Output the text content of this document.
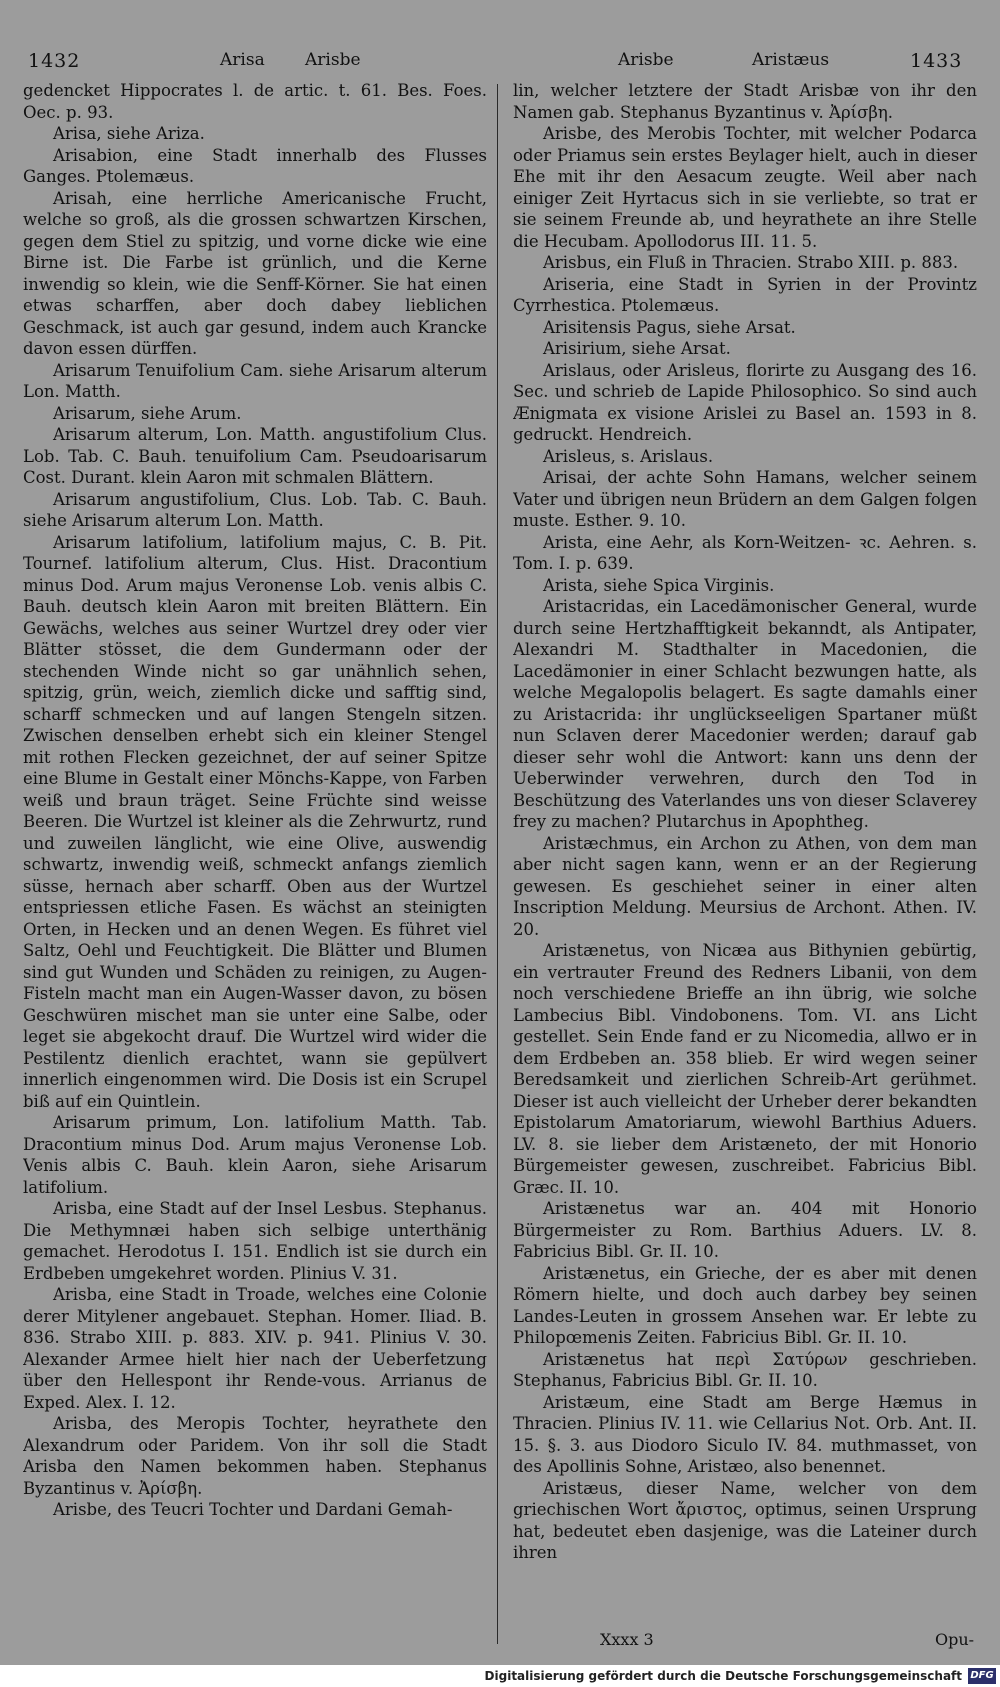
1432	Arisa Arisbe	Arisbe	Aristæus	1433

gedencket Hippocrates l. de artic. t. 61. Bes. Foes. Oec. p. 93.

Arisa, siehe Ariza.

Arisabion, eine Stadt innerhalb des Flusses Ganges. Ptolemæus.

Arisah, eine herrliche Americanische Frucht, welche so groß, als die grossen schwartzen Kirschen, gegen dem Stiel zu spitzig, und vorne dicke wie eine Birne ist. Die Farbe ist grünlich, und die Kerne inwendig so klein, wie die Senff-Körner. Sie hat einen etwas scharffen, aber doch dabey lieblichen Geschmack, ist auch gar gesund, indem auch Krancke davon essen dürffen.

Arisarum Tenuifolium Cam. siehe Arisarum alterum Lon. Matth.

Arisarum, siehe Arum.

Arisarum alterum, Lon. Matth. angustifolium Clus. Lob. Tab. C. Bauh. tenuifolium Cam. Pseudoarisarum Cost. Durant. klein Aaron mit schmalen Blättern.

Arisarum angustifolium, Clus. Lob. Tab. C. Bauh. siehe Arisarum alterum Lon. Matth.

Arisarum latifolium, latifolium majus, C. B. Pit. Tournef. latifolium alterum, Clus. Hist. Dracontium minus Dod. Arum majus Veronense Lob. venis albis C. Bauh. deutsch klein Aaron mit breiten Blättern. Ein Gewächs, welches aus seiner Wurtzel drey oder vier Blätter stösset, die dem Gundermann oder der stechenden Winde nicht so gar unähnlich sehen, spitzig, grün, weich, ziemlich dicke und safftig sind, scharff schmecken und auf langen Stengeln sitzen. Zwischen denselben erhebt sich ein kleiner Stengel mit rothen Flecken gezeichnet, der auf seiner Spitze eine Blume in Gestalt einer Mönchs-Kappe, von Farben weiß und braun träget. Seine Früchte sind weisse Beeren. Die Wurtzel ist kleiner als die Zehrwurtz, rund und zuweilen länglicht, wie eine Olive, auswendig schwartz, inwendig weiß, schmeckt anfangs ziemlich süsse, hernach aber scharff. Oben aus der Wurtzel entspriessen etliche Fasen. Es wächst an steinigten Orten, in Hecken und an denen Wegen. Es führet viel Saltz, Oehl und Feuchtigkeit. Die Blätter und Blumen sind gut Wunden und Schäden zu reinigen, zu Augen-Fisteln macht man ein Augen-Wasser davon, zu bösen Geschwüren mischet man sie unter eine Salbe, oder leget sie abgekocht drauf. Die Wurtzel wird wider die Pestilentz dienlich erachtet, wann sie gepülvert innerlich eingenommen wird. Die Dosis ist ein Scrupel biß auf ein Quintlein.

Arisarum primum, Lon. latifolium Matth. Tab. Dracontium minus Dod. Arum majus Veronense Lob. Venis albis C. Bauh. klein Aaron, siehe Arisarum latifolium.

Arisba, eine Stadt auf der Insel Lesbus. Stephanus. Die Methymnæi haben sich selbige unterthänig gemachet. Herodotus I. 151. Endlich ist sie durch ein Erdbeben umgekehret worden. Plinius V. 31.

Arisba, eine Stadt in Troade, welches eine Colonie derer Mitylener angebauet. Stephan. Homer. Iliad. B. 836. Strabo XIII. p. 883. XIV. p. 941. Plinius V. 30. Alexander Armee hielt hier nach der Ueberfetzung über den Hellespont ihr Rende-vous. Arrianus de Exped. Alex. I. 12.

Arisba, des Meropis Tochter, heyrathete den Alexandrum oder Paridem. Von ihr soll die Stadt Arisba den Namen bekommen haben. Stephanus Byzantinus v. Ἀρίσβη.

Arisbe, des Teucri Tochter und Dardani Gemah-

lin, welcher letztere der Stadt Arisbæ von ihr den Namen gab. Stephanus Byzantinus v. Ἀρίσβη.

Arisbe, des Merobis Tochter, mit welcher Podarca oder Priamus sein erstes Beylager hielt, auch in dieser Ehe mit ihr den Aesacum zeugte. Weil aber nach einiger Zeit Hyrtacus sich in sie verliebte, so trat er sie seinem Freunde ab, und heyrathete an ihre Stelle die Hecubam. Apollodorus III. 11. 5.

Arisbus, ein Fluß in Thracien. Strabo XIII. p. 883.

Ariseria, eine Stadt in Syrien in der Provintz Cyrrhestica. Ptolemæus.

Arisitensis Pagus, siehe Arsat.

Arisirium, siehe Arsat.

Arislaus, oder Arisleus, florirte zu Ausgang des 16. Sec. und schrieb de Lapide Philosophico. So sind auch Ænigmata ex visione Arislei zu Basel an. 1593 in 8. gedruckt. Hendreich.

Arisleus, s. Arislaus.

Arisai, der achte Sohn Hamans, welcher seinem Vater und übrigen neun Brüdern an dem Galgen folgen muste. Esther. 9. 10.

Arista, eine Aehr, als Korn-Weitzen- ꝛc. Aehren. s. Tom. I. p. 639.

Arista, siehe Spica Virginis.

Aristacridas, ein Lacedämonischer General, wurde durch seine Hertzhafftigkeit bekanndt, als Antipater, Alexandri M. Stadthalter in Macedonien, die Lacedämonier in einer Schlacht bezwungen hatte, als welche Megalopolis belagert. Es sagte damahls einer zu Aristacrida: ihr unglückseeligen Spartaner müßt nun Sclaven derer Macedonier werden; darauf gab dieser sehr wohl die Antwort: kann uns denn der Ueberwinder verwehren, durch den Tod in Beschützung des Vaterlandes uns von dieser Sclaverey frey zu machen? Plutarchus in Apophtheg.

Aristæchmus, ein Archon zu Athen, von dem man aber nicht sagen kann, wenn er an der Regierung gewesen. Es geschiehet seiner in einer alten Inscription Meldung. Meursius de Archont. Athen. IV. 20.

Aristænetus, von Nicæa aus Bithynien gebürtig, ein vertrauter Freund des Redners Libanii, von dem noch verschiedene Brieffe an ihn übrig, wie solche Lambecius Bibl. Vindobonens. Tom. VI. ans Licht gestellet. Sein Ende fand er zu Nicomedia, allwo er in dem Erdbeben an. 358 blieb. Er wird wegen seiner Beredsamkeit und zierlichen Schreib-Art gerühmet. Dieser ist auch vielleicht der Urheber derer bekandten Epistolarum Amatoriarum, wiewohl Barthius Aduers. LV. 8. sie lieber dem Aristæneto, der mit Honorio Bürgemeister gewesen, zuschreibet. Fabricius Bibl. Græc. II. 10.

Aristænetus war an. 404 mit Honorio Bürgermeister zu Rom. Barthius Aduers. LV. 8. Fabricius Bibl. Gr. II. 10.

Aristænetus, ein Grieche, der es aber mit denen Römern hielte, und doch auch darbey bey seinen Landes-Leuten in grossem Ansehen war. Er lebte zu Philopœmenis Zeiten. Fabricius Bibl. Gr. II. 10.

Aristænetus hat περὶ Σατύρων geschrieben. Stephanus, Fabricius Bibl. Gr. II. 10.

Aristæum, eine Stadt am Berge Hæmus in Thracien. Plinius IV. 11. wie Cellarius Not. Orb. Ant. II. 15. §. 3. aus Diodoro Siculo IV. 84. muthmasset, von des Apollinis Sohne, Aristæo, also benennet.

Aristæus, dieser Name, welcher von dem griechischen Wort ἄριστος, optimus, seinen Ursprung hat, bedeutet eben dasjenige, was die Lateiner durch ihren

Xxxx 3	Opu-
Digitalisierung gefördert durch die Deutsche Forschungsgemeinschaft DFG
